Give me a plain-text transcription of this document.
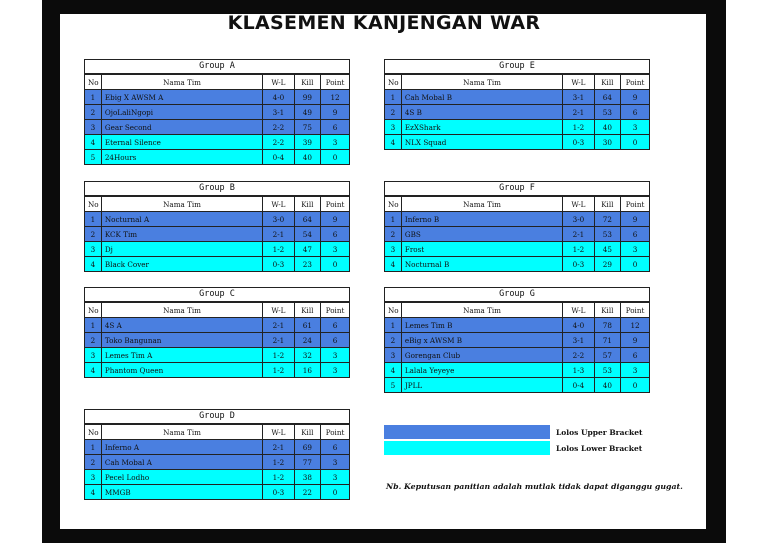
KLASEMEN KANJENGAN WAR
Group A
No	Nama Tim	W-L	Kill	Point
1	Ebig X AWSM A	4-0	99	12
2	OjoLaliNgopi	3-1	49	9
3	Gear Second	2-2	75	6
4	Eternal Silence	2-2	39	3
5	24Hours	0-4	40	0
Group B
No	Nama Tim	W-L	Kill	Point
1	Nocturnal A	3-0	64	9
2	KCK Tim	2-1	54	6
3	Dj	1-2	47	3
4	Black Cover	0-3	23	0
Group C
No	Nama Tim	W-L	Kill	Point
1	4S A	2-1	61	6
2	Toko Bangunan	2-1	24	6
3	Lemes Tim A	1-2	32	3
4	Phantom Queen	1-2	16	3
Group D
No	Nama Tim	W-L	Kill	Point
1	Inferno A	2-1	69	6
2	Cah Mobal A	1-2	77	3
3	Pecel Lodho	1-2	38	3
4	MMGB	0-3	22	0
Group E
No	Nama Tim	W-L	Kill	Point
1	Cah Mobal B	3-1	64	9
2	4S B	2-1	53	6
3	EzXShark	1-2	40	3
4	NLX Squad	0-3	30	0
Group F
No	Nama Tim	W-L	Kill	Point
1	Inferno B	3-0	72	9
2	GBS	2-1	53	6
3	Frost	1-2	45	3
4	Nocturnal B	0-3	29	0
Group G
No	Nama Tim	W-L	Kill	Point
1	Lemes Tim B	4-0	78	12
2	eBig x AWSM B	3-1	71	9
3	Gorengan Club	2-2	57	6
4	Lalala Yeyeye	1-3	53	3
5	JPLL	0-4	40	0
Lolos Upper Bracket
Lolos Lower Bracket
Nb. Keputusan panitian adalah mutlak tidak dapat diganggu gugat.
